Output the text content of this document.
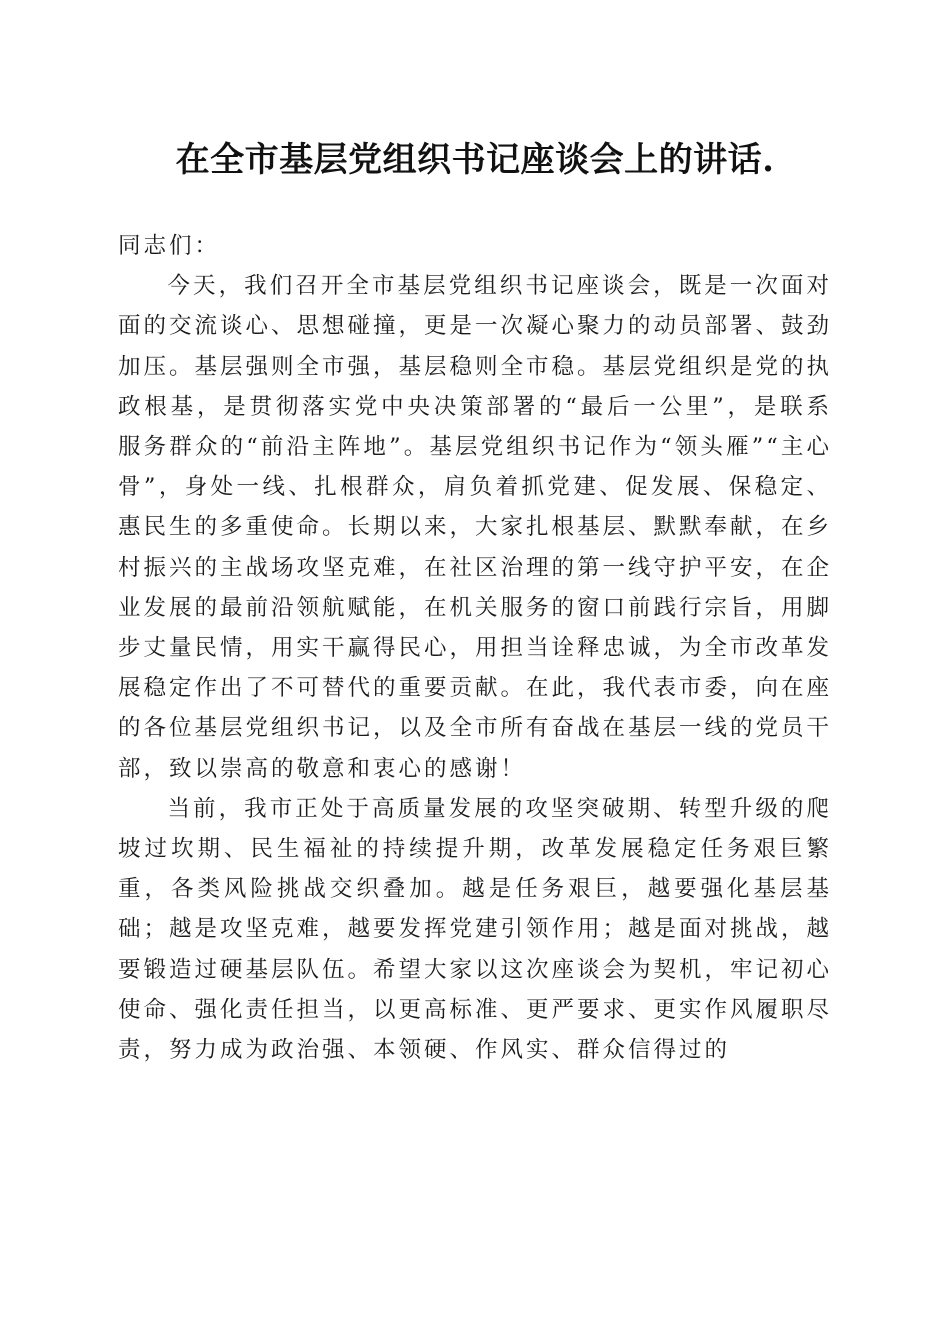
在全市基层党组织书记座谈会上的讲话.

同志们：

今天，我们召开全市基层党组织书记座谈会，既是一次面对面的交流谈心、思想碰撞，更是一次凝心聚力的动员部署、鼓劲加压。基层强则全市强，基层稳则全市稳。基层党组织是党的执政根基，是贯彻落实党中央决策部署的“最后一公里”，是联系服务群众的“前沿主阵地”。基层党组织书记作为“领头雁”“主心骨”，身处一线、扎根群众，肩负着抓党建、促发展、保稳定、惠民生的多重使命。长期以来，大家扎根基层、默默奉献，在乡村振兴的主战场攻坚克难，在社区治理的第一线守护平安，在企业发展的最前沿领航赋能，在机关服务的窗口前践行宗旨，用脚步丈量民情，用实干赢得民心，用担当诠释忠诚，为全市改革发展稳定作出了不可替代的重要贡献。在此，我代表市委，向在座的各位基层党组织书记，以及全市所有奋战在基层一线的党员干部，致以崇高的敬意和衷心的感谢！

当前，我市正处于高质量发展的攻坚突破期、转型升级的爬坡过坎期、民生福祉的持续提升期，改革发展稳定任务艰巨繁重，各类风险挑战交织叠加。越是任务艰巨，越要强化基层基础；越是攻坚克难，越要发挥党建引领作用；越是面对挑战，越要锻造过硬基层队伍。希望大家以这次座谈会为契机，牢记初心使命、强化责任担当，以更高标准、更严要求、更实作风履职尽责，努力成为政治强、本领硬、作风实、群众信得过的
